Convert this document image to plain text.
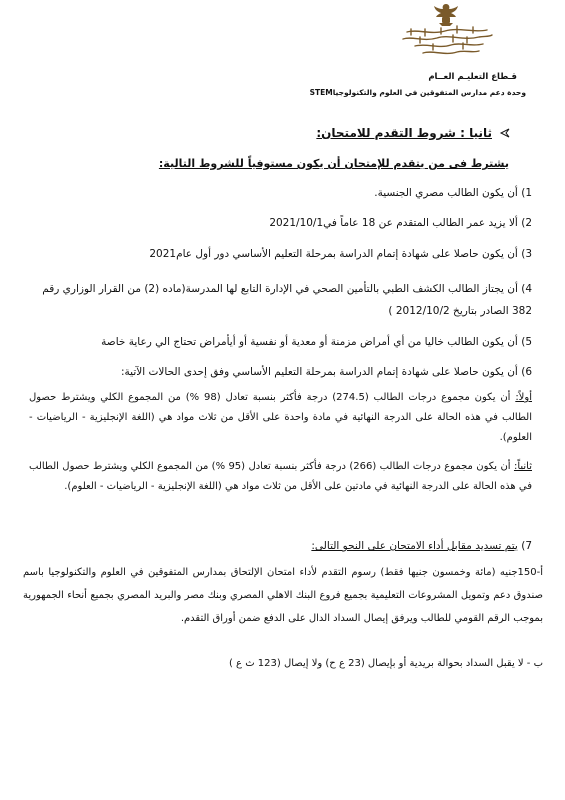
قـطاع التعليـم العــام
وحدة دعم مدارس المتفوقين في العلوم والتكنولوجياSTEM
ثانيا : شروط التقدم للامتحان:
يشترط فى من يتقدم للإمتحان أن يكون مستوفياً للشروط التالية:
1) أن يكون الطالب مصري الجنسية.
2) ألا يزيد عمر الطالب المتقدم عن 18 عاماً في2021/10/1
3) أن يكون حاصلا على شهادة إتمام الدراسة بمرحلة التعليم الأساسي دور أول عام2021
4) أن يجتاز الطالب الكشف الطبي بالتأمين الصحي في الإدارة التابع لها المدرسة(ماده (2) من القرار الوزاري رقم 382 الصادر بتاريخ 2012/10/2 )
5) أن يكون الطالب خاليا من أي أمراض مزمنة أو معدية أو نفسية أو أيأمراض تحتاج الي رعاية خاصة
6) أن يكون حاصلا على شهادة إتمام الدراسة بمرحلة التعليم الأساسي وفق إحدى الحالات الآتية:
أولاً: أن يكون مجموع درجات الطالب (274.5) درجة فأكثر بنسبة تعادل (98 %) من المجموع الكلي ويشترط حصول الطالب في هذه الحالة على الدرجة النهائية في مادة واحدة على الأقل من ثلاث مواد هي (اللغة الإنجليزية - الرياضيات - العلوم).
ثانياً: أن يكون مجموع درجات الطالب (266) درجة فأكثر بنسبة تعادل (95 %) من المجموع الكلي ويشترط حصول الطالب في هذه الحالة على الدرجة النهائية في مادتين على الأقل من ثلاث مواد هي (اللغة الإنجليزية - الرياضيات - العلوم).
7) يتم تسديد مقابل أداء الامتحان على النحو التالى:
أ-150جنيه (مائة وخمسون جنيها فقط) رسوم التقدم لأداء امتحان الإلتحاق بمدارس المتفوقين في العلوم والتكنولوجيا باسم صندوق دعم وتمويل المشروعات التعليمية بجميع فروع البنك الاهلي المصري وبنك مصر والبريد المصري بجميع أنحاء الجمهورية بموجب الرقم القومي للطالب ويرفق إيصال السداد الدال على الدفع ضمن أوراق التقدم.
ب - لا يقبل السداد بحوالة بريدية أو بإيصال (23 ع ح) ولا إيصال (123 ث ع )
